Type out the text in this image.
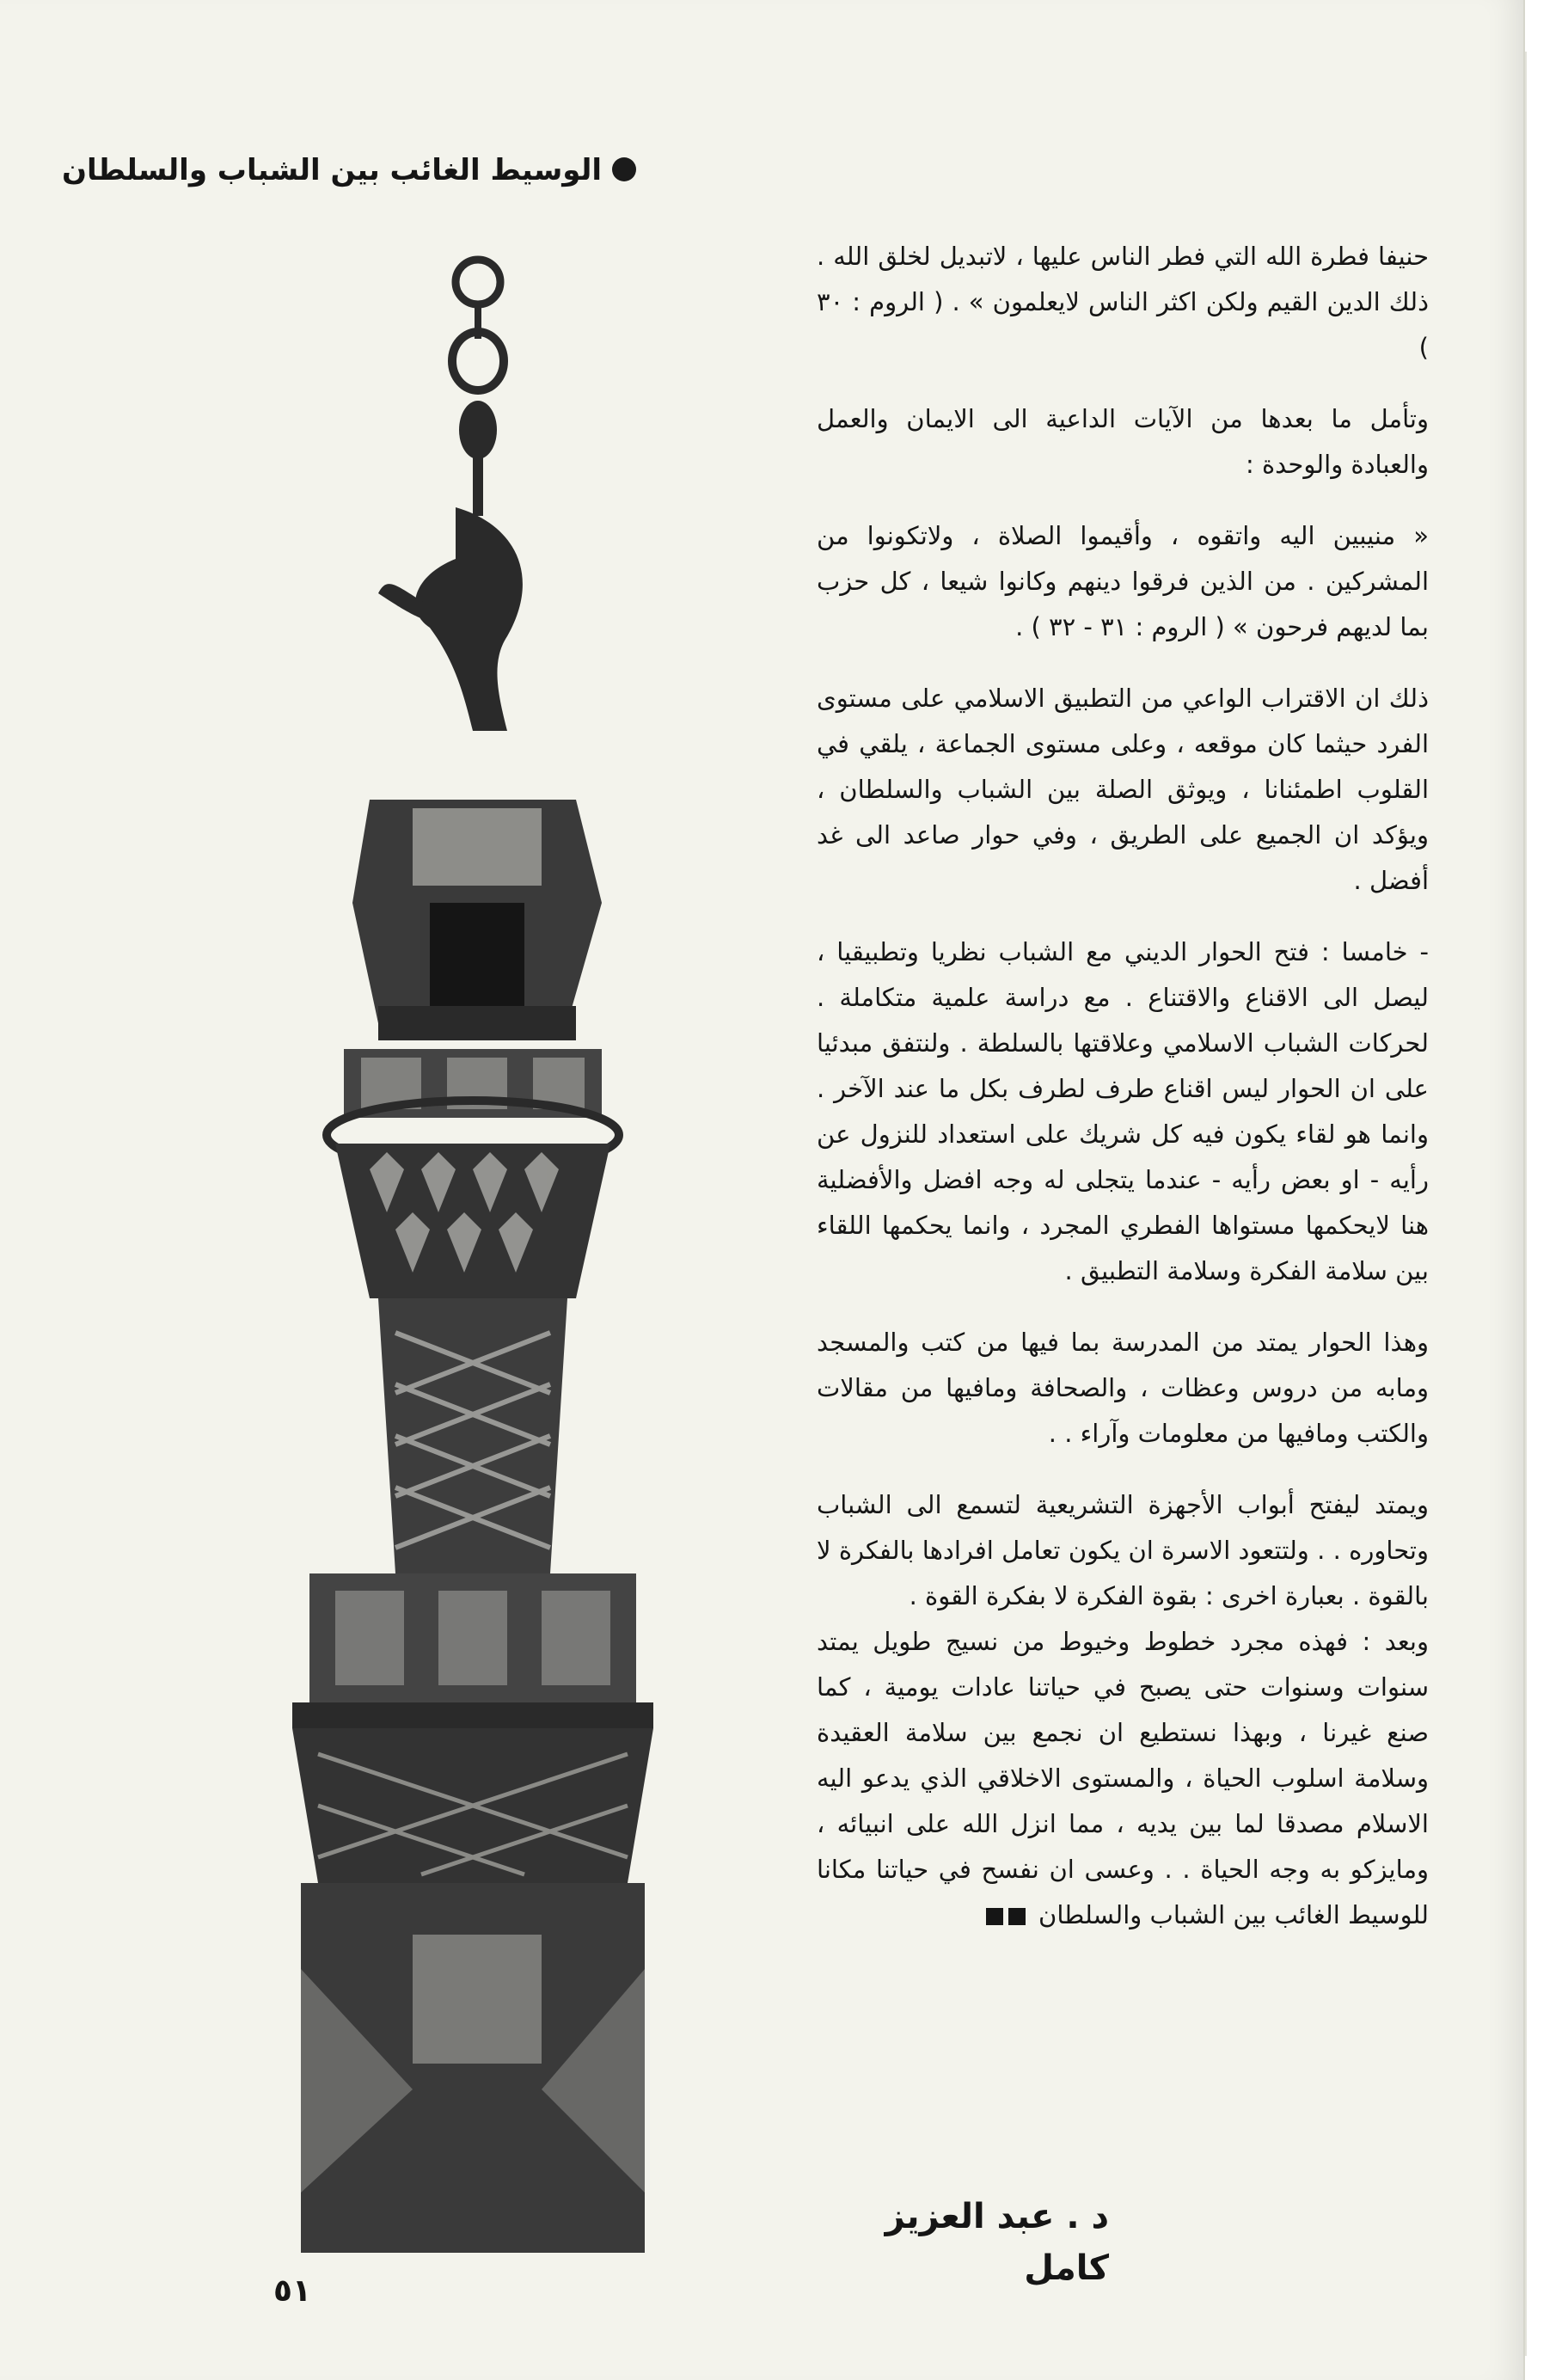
الوسيط الغائب بين الشباب والسلطان

حنيفا فطرة الله التي فطر الناس عليها ، لاتبديل لخلق الله . ذلك الدين القيم ولكن اكثر الناس لايعلمون » . ( الروم : ٣٠ )

وتأمل ما بعدها من الآيات الداعية الى الايمان والعمل والعبادة والوحدة :

« منيبين اليه واتقوه ، وأقيموا الصلاة ، ولاتكونوا من المشركين . من الذين فرقوا دينهم وكانوا شيعا ، كل حزب بما لديهم فرحون » ( الروم : ٣١ - ٣٢ ) .

ذلك ان الاقتراب الواعي من التطبيق الاسلامي على مستوى الفرد حيثما كان موقعه ، وعلى مستوى الجماعة ، يلقي في القلوب اطمئنانا ، ويوثق الصلة بين الشباب والسلطان ، ويؤكد ان الجميع على الطريق ، وفي حوار صاعد الى غد أفضل .

- خامسا : فتح الحوار الديني مع الشباب نظريا وتطبيقيا ، ليصل الى الاقناع والاقتناع . مع دراسة علمية متكاملة . لحركات الشباب الاسلامي وعلاقتها بالسلطة . ولنتفق مبدئيا على ان الحوار ليس اقناع طرف لطرف بكل ما عند الآخر . وانما هو لقاء يكون فيه كل شريك على استعداد للنزول عن رأيه - او بعض رأيه - عندما يتجلى له وجه افضل والأفضلية هنا لايحكمها مستواها الفطري المجرد ، وانما يحكمها اللقاء بين سلامة الفكرة وسلامة التطبيق .

وهذا الحوار يمتد من المدرسة بما فيها من كتب والمسجد ومابه من دروس وعظات ، والصحافة ومافيها من مقالات والكتب ومافيها من معلومات وآراء . .

ويمتد ليفتح أبواب الأجهزة التشريعية لتسمع الى الشباب وتحاوره . . ولتتعود الاسرة ان يكون تعامل افرادها بالفكرة لا بالقوة . بعبارة اخرى : بقوة الفكرة لا بفكرة القوة .

وبعد : فهذه مجرد خطوط وخيوط من نسيج طويل يمتد سنوات وسنوات حتى يصبح في حياتنا عادات يومية ، كما صنع غيرنا ، وبهذا نستطيع ان نجمع بين سلامة العقيدة وسلامة اسلوب الحياة ، والمستوى الاخلاقي الذي يدعو اليه الاسلام مصدقا لما بين يديه ، مما انزل الله على انبيائه ، ومايزكو به وجه الحياة . . وعسى ان نفسح في حياتنا مكانا للوسيط الغائب بين الشباب والسلطان

د . عبد العزيز كامل
٥١
